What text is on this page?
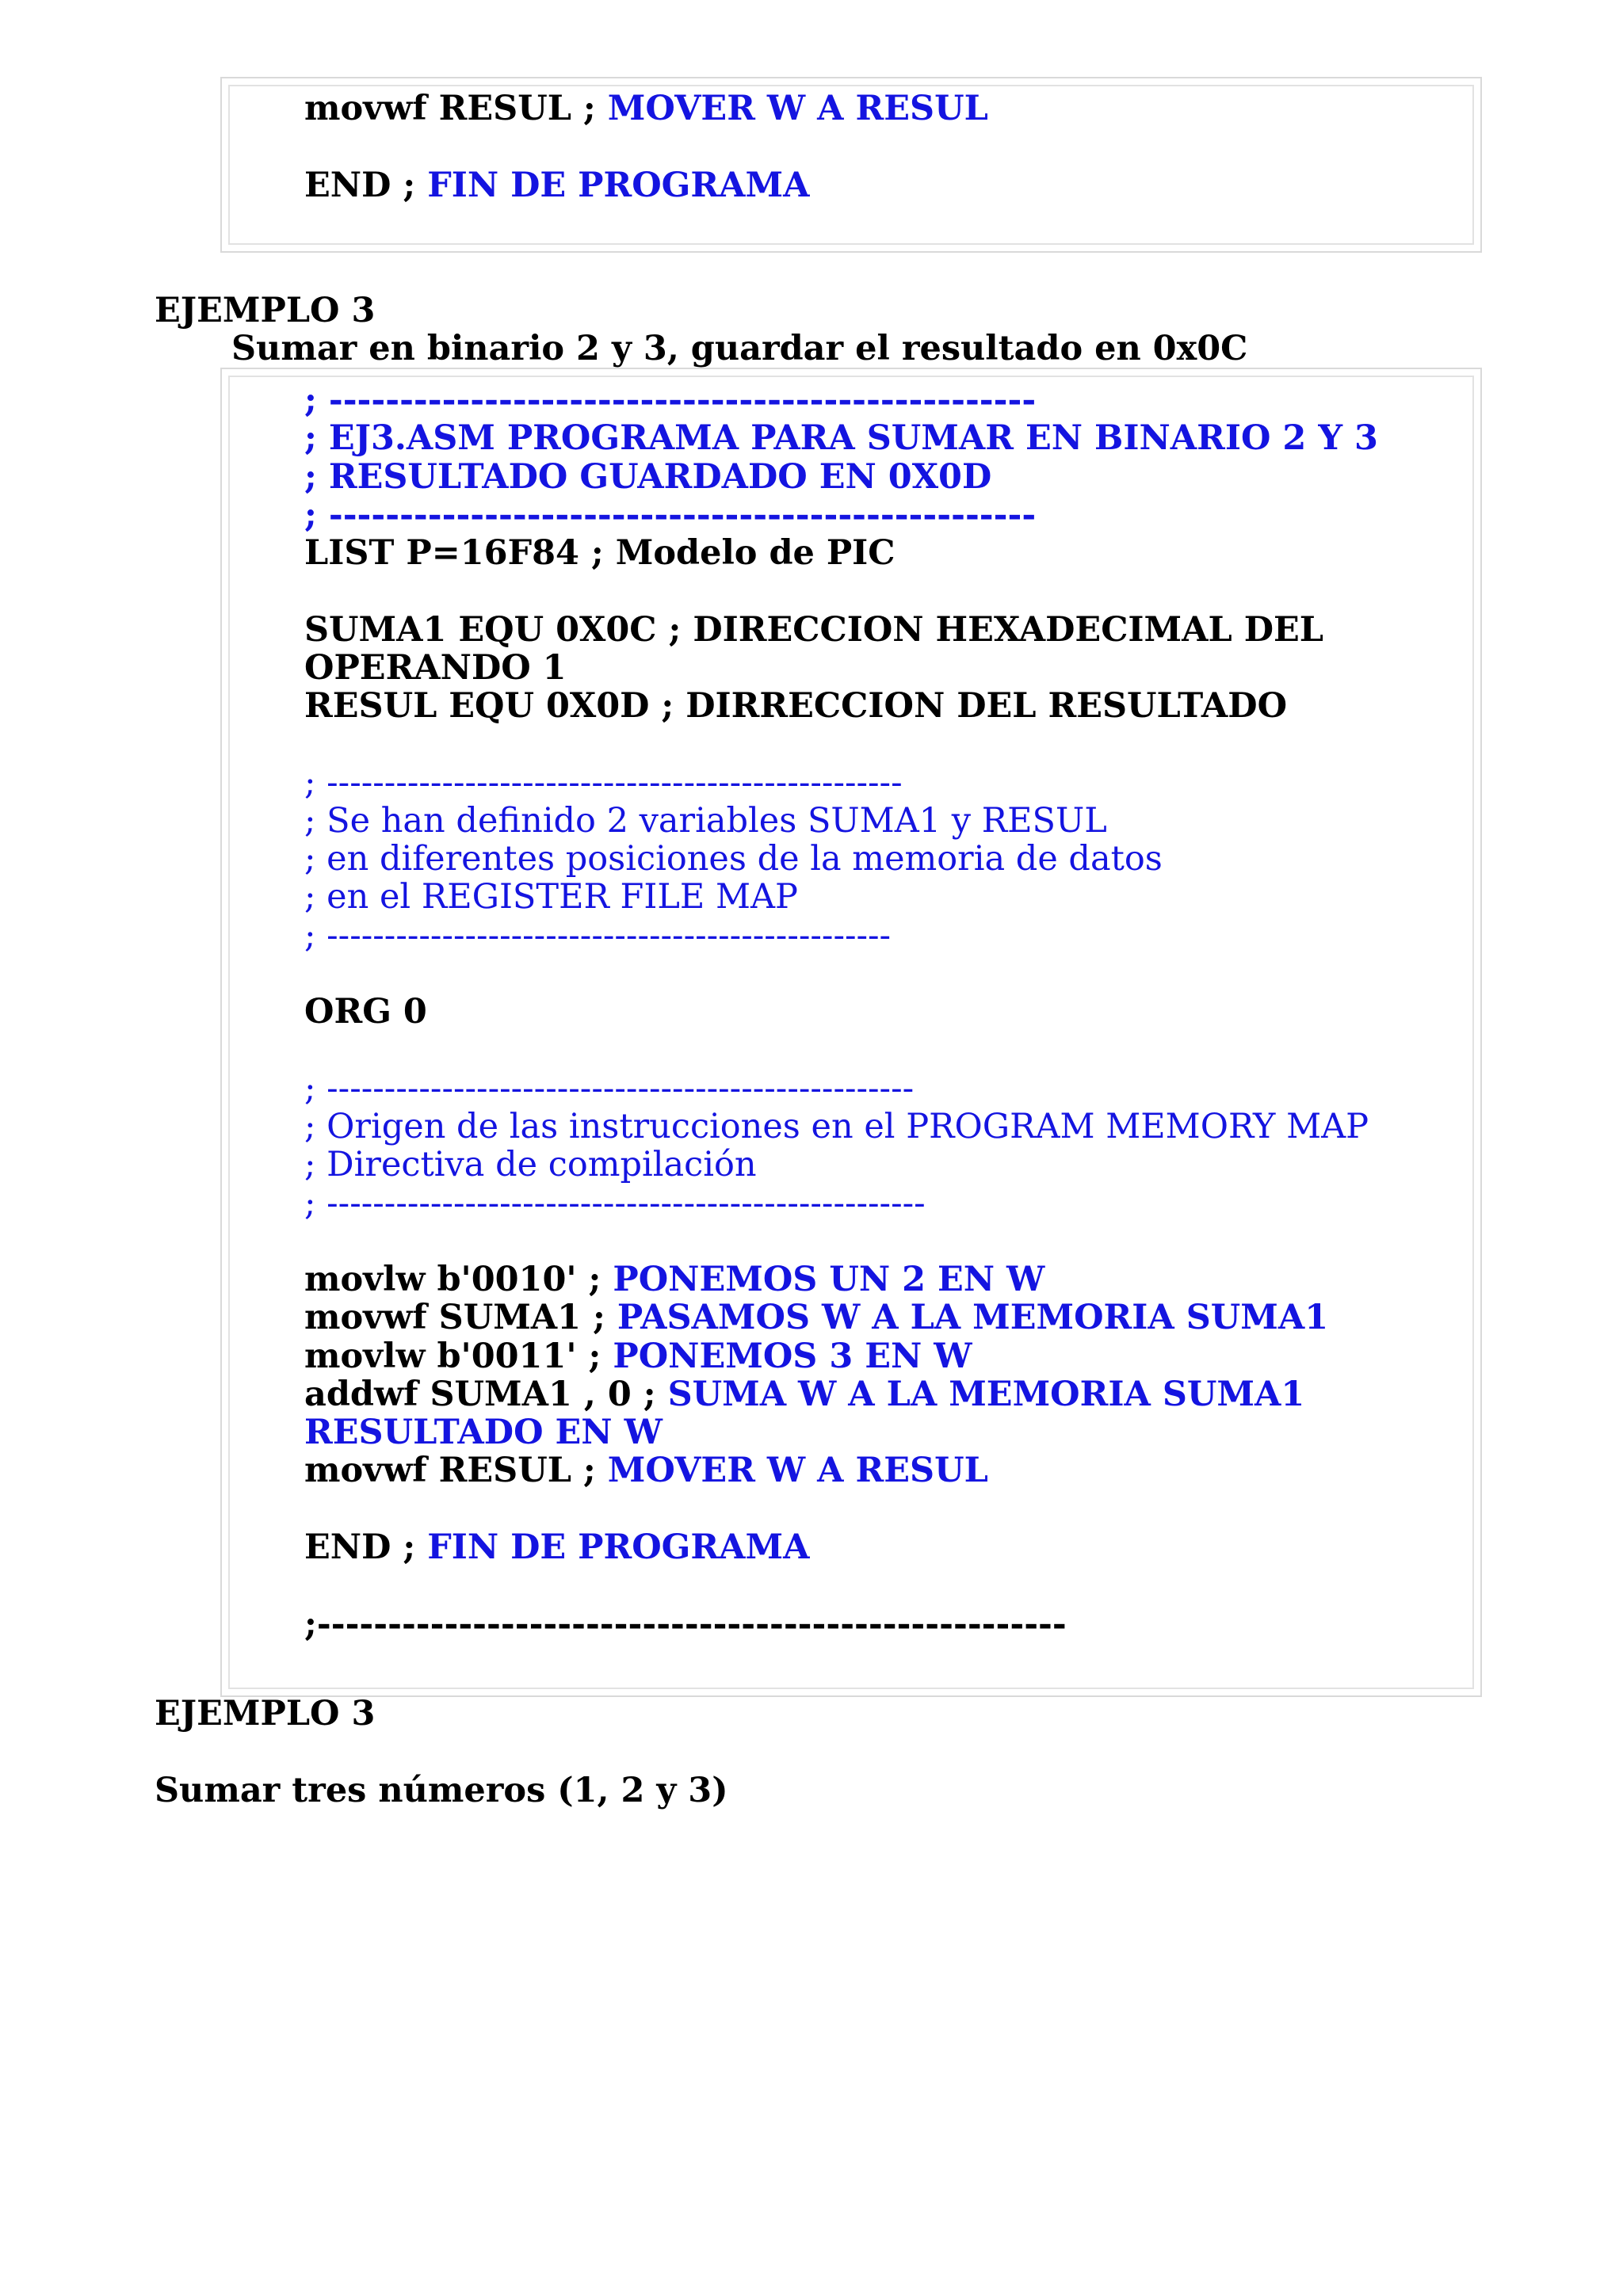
movwf RESUL ; MOVER W A RESUL
END ; FIN DE PROGRAMA
EJEMPLO 3
Sumar en binario 2 y 3, guardar el resultado en 0x0C
; --------------------------------------------------
; EJ3.ASM PROGRAMA PARA SUMAR EN BINARIO 2 Y 3
; RESULTADO GUARDADO EN 0X0D
; --------------------------------------------------
LIST P=16F84 ; Modelo de PIC
SUMA1 EQU 0X0C ; DIRECCION HEXADECIMAL DEL
OPERANDO 1
RESUL EQU 0X0D ; DIRRECCION DEL RESULTADO
; --------------------------------------------------
; Se han definido 2 variables SUMA1 y RESUL
; en diferentes posiciones de la memoria de datos
; en el REGISTER FILE MAP
; -------------------------------------------------
ORG 0
; ---------------------------------------------------
; Origen de las instrucciones en el PROGRAM MEMORY MAP
; Directiva de compilación
; ----------------------------------------------------
movlw b'0010' ; PONEMOS UN 2 EN W
movwf SUMA1 ; PASAMOS W A LA MEMORIA SUMA1
movlw b'0011' ; PONEMOS 3 EN W
addwf SUMA1 , 0 ; SUMA W A LA MEMORIA SUMA1
RESULTADO EN W
movwf RESUL ; MOVER W A RESUL
END ; FIN DE PROGRAMA
;-----------------------------------------------------
EJEMPLO 3
Sumar tres números (1, 2 y 3)
